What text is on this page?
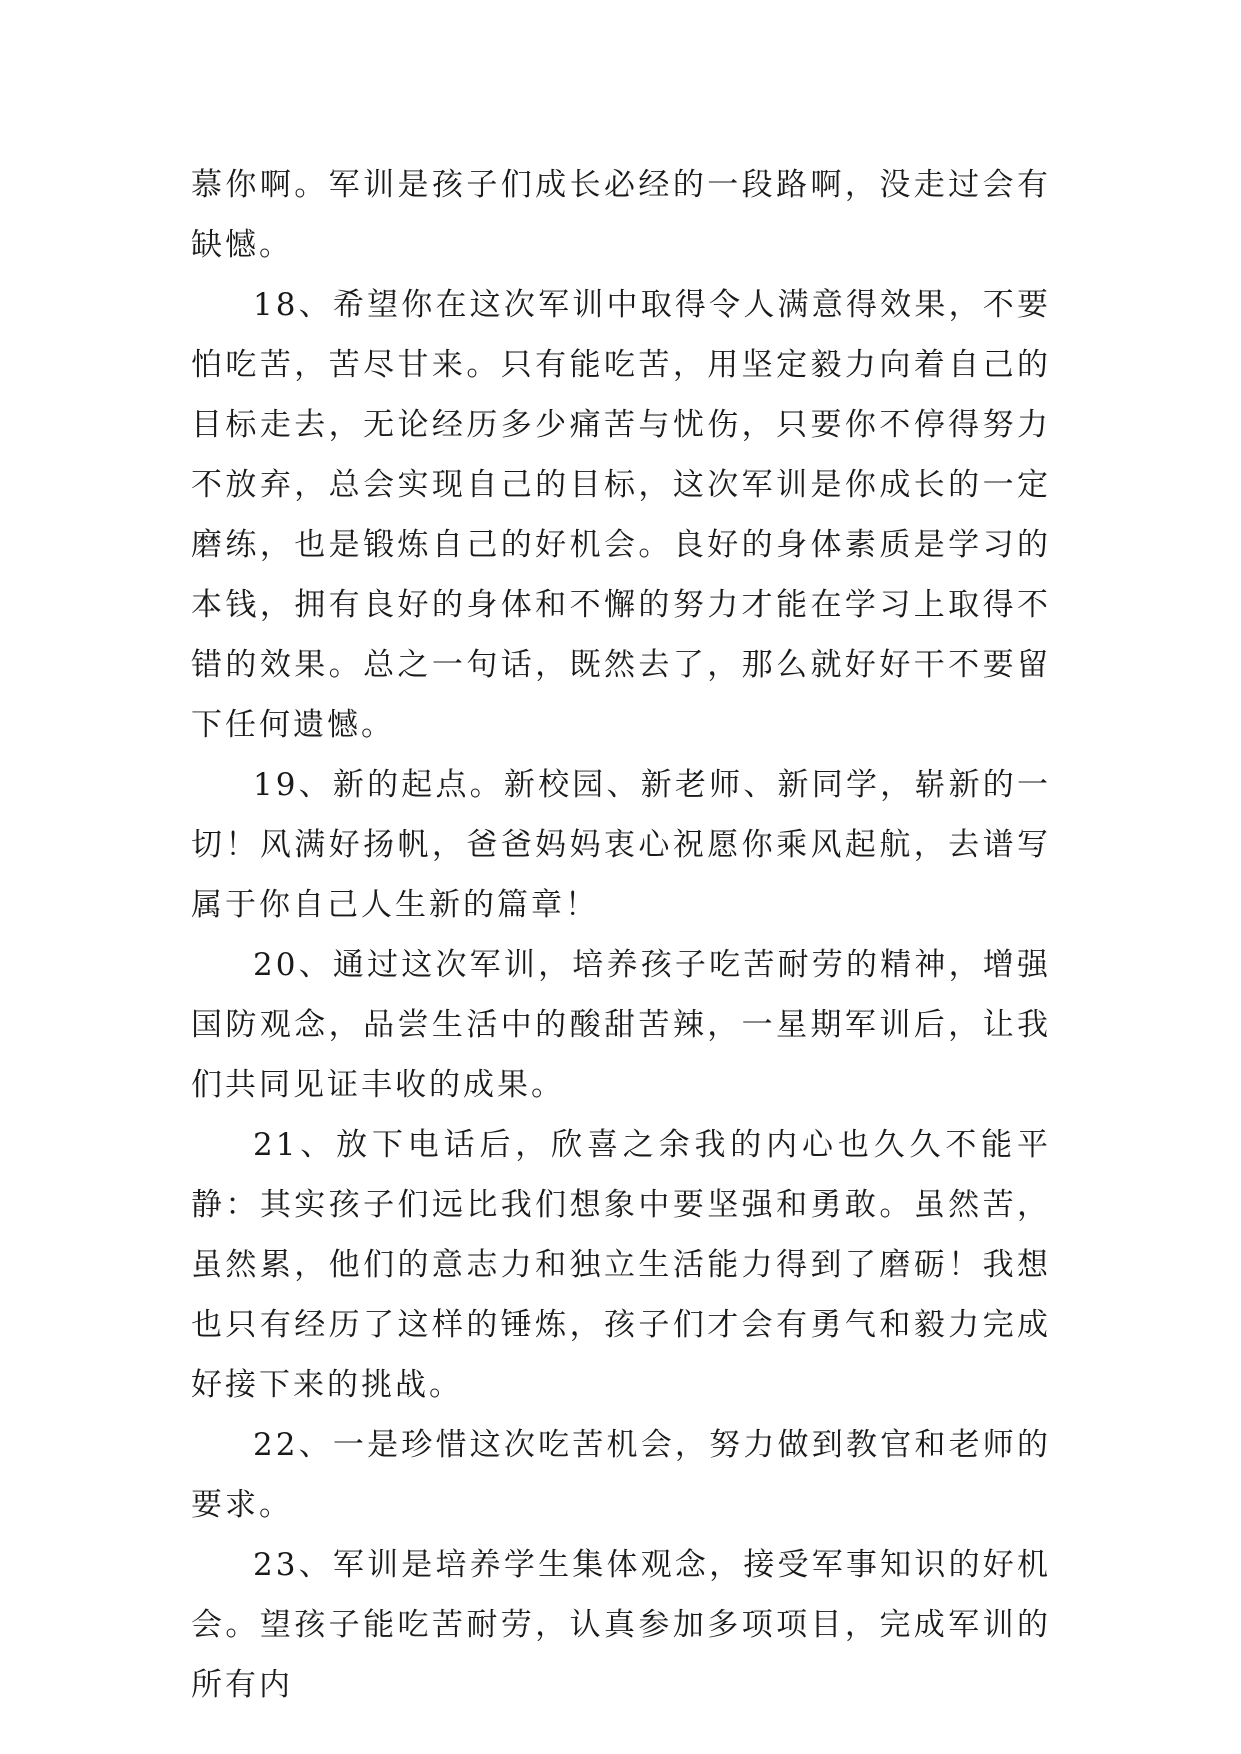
慕你啊。军训是孩子们成长必经的一段路啊，没走过会有缺憾。

18、希望你在这次军训中取得令人满意得效果，不要怕吃苦，苦尽甘来。只有能吃苦，用坚定毅力向着自己的目标走去，无论经历多少痛苦与忧伤，只要你不停得努力不放弃，总会实现自己的目标，这次军训是你成长的一定磨练，也是锻炼自己的好机会。良好的身体素质是学习的本钱，拥有良好的身体和不懈的努力才能在学习上取得不错的效果。总之一句话，既然去了，那么就好好干不要留下任何遗憾。

19、新的起点。新校园、新老师、新同学，崭新的一切！风满好扬帆，爸爸妈妈衷心祝愿你乘风起航，去谱写属于你自己人生新的篇章！

20、通过这次军训，培养孩子吃苦耐劳的精神，增强国防观念，品尝生活中的酸甜苦辣，一星期军训后，让我们共同见证丰收的成果。

21、放下电话后，欣喜之余我的内心也久久不能平静：其实孩子们远比我们想象中要坚强和勇敢。虽然苦，虽然累，他们的意志力和独立生活能力得到了磨砺！我想也只有经历了这样的锤炼，孩子们才会有勇气和毅力完成好接下来的挑战。

22、一是珍惜这次吃苦机会，努力做到教官和老师的要求。

23、军训是培养学生集体观念，接受军事知识的好机会。望孩子能吃苦耐劳，认真参加多项项目，完成军训的所有内
